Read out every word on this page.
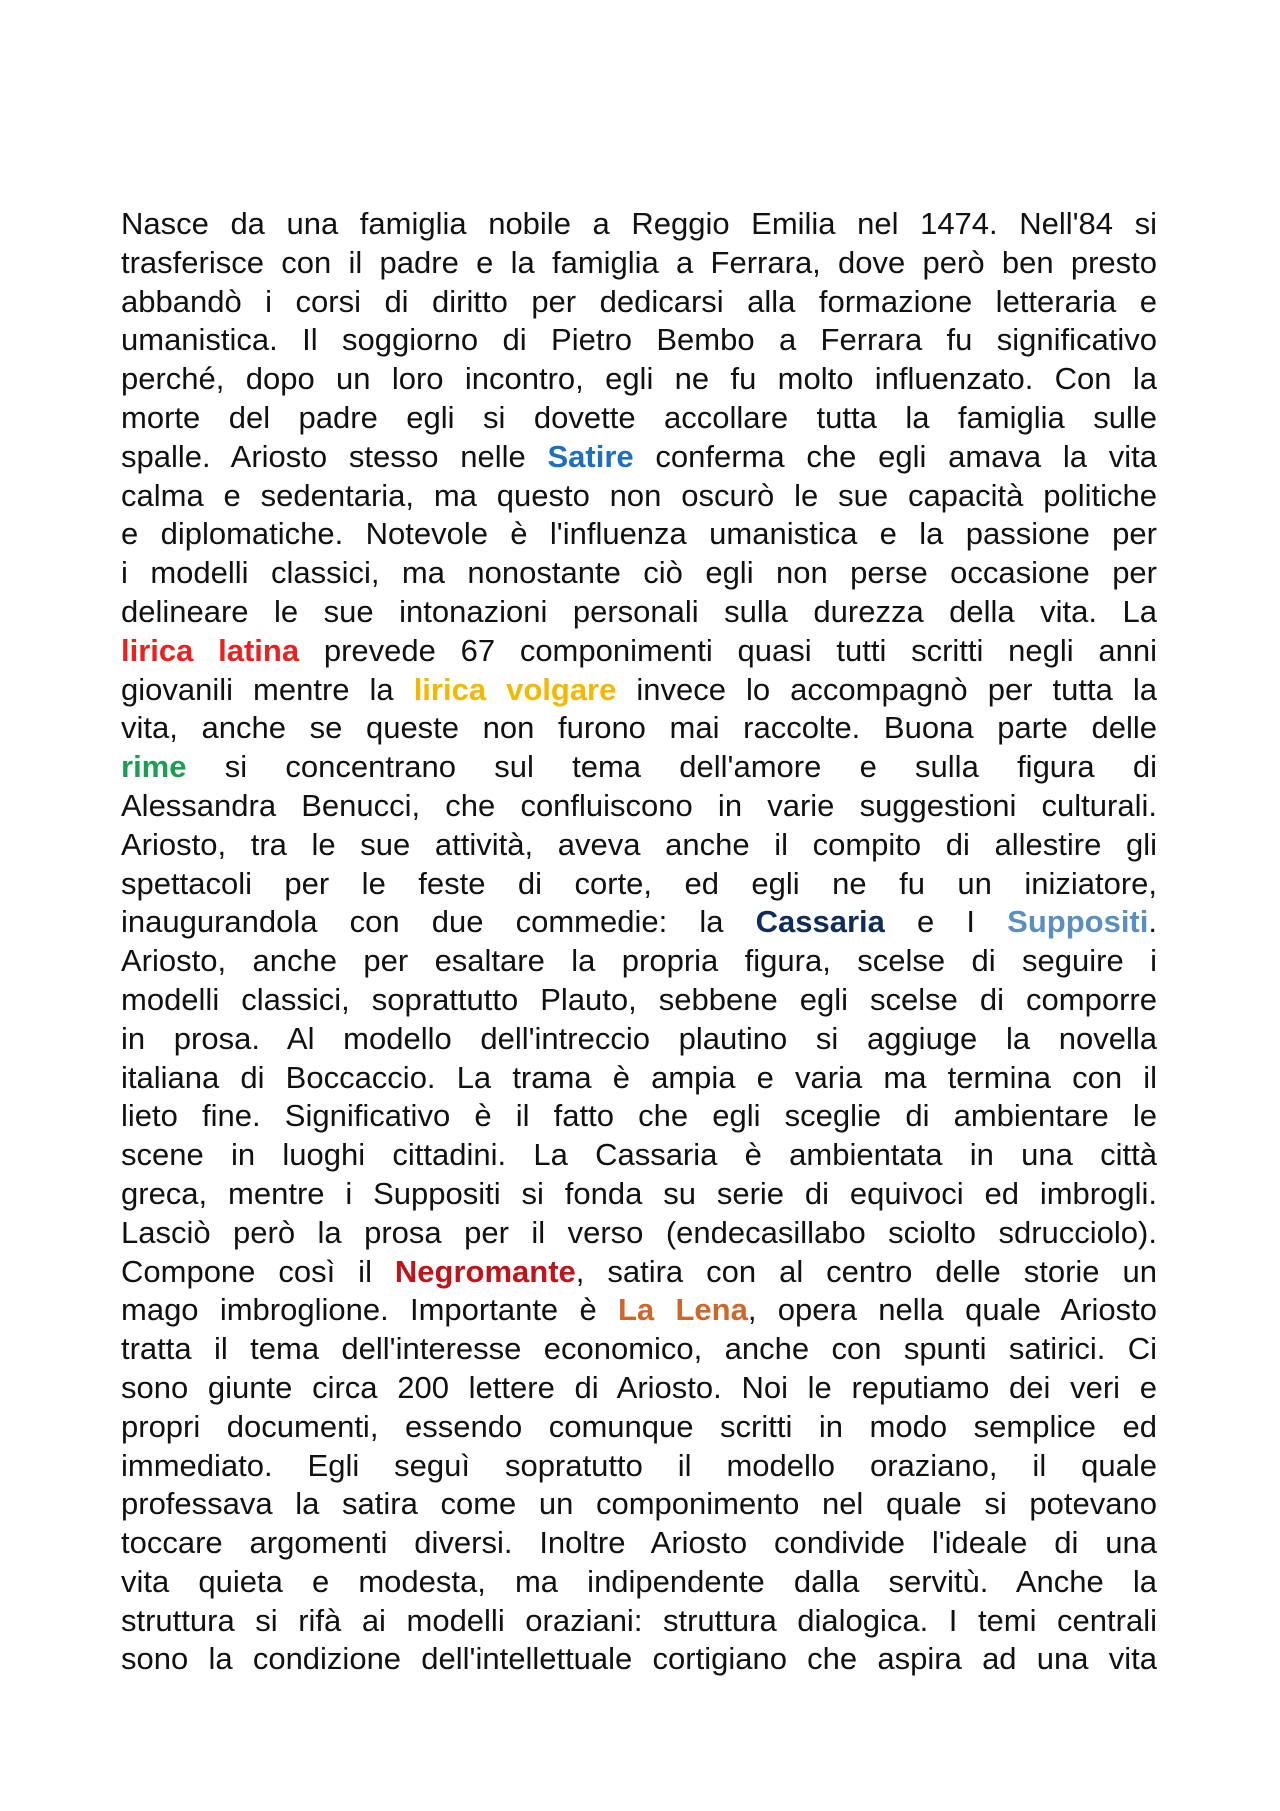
Nasce da una famiglia nobile a Reggio Emilia nel 1474. Nell'84 si
trasferisce con il padre e la famiglia a Ferrara, dove però ben presto
abbandò i corsi di diritto per dedicarsi alla formazione letteraria e
umanistica. Il soggiorno di Pietro Bembo a Ferrara fu significativo
perché, dopo un loro incontro, egli ne fu molto influenzato. Con la
morte del padre egli si dovette accollare tutta la famiglia sulle
spalle. Ariosto stesso nelle Satire conferma che egli amava la vita
calma e sedentaria, ma questo non oscurò le sue capacità politiche
e diplomatiche. Notevole è l'influenza umanistica e la passione per
i modelli classici, ma nonostante ciò egli non perse occasione per
delineare le sue intonazioni personali sulla durezza della vita. La
lirica latina prevede 67 componimenti quasi tutti scritti negli anni
giovanili mentre la lirica volgare invece lo accompagnò per tutta la
vita, anche se queste non furono mai raccolte. Buona parte delle
rime si concentrano sul tema dell'amore e sulla figura di
Alessandra Benucci, che confluiscono in varie suggestioni culturali.
Ariosto, tra le sue attività, aveva anche il compito di allestire gli
spettacoli per le feste di corte, ed egli ne fu un iniziatore,
inaugurandola con due commedie: la Cassaria e I Suppositi.
Ariosto, anche per esaltare la propria figura, scelse di seguire i
modelli classici, soprattutto Plauto, sebbene egli scelse di comporre
in prosa. Al modello dell'intreccio plautino si aggiuge la novella
italiana di Boccaccio. La trama è ampia e varia ma termina con il
lieto fine. Significativo è il fatto che egli sceglie di ambientare le
scene in luoghi cittadini. La Cassaria è ambientata in una città
greca, mentre i Suppositi si fonda su serie di equivoci ed imbrogli.
Lasciò però la prosa per il verso (endecasillabo sciolto sdrucciolo).
Compone così il Negromante, satira con al centro delle storie un
mago imbroglione. Importante è La Lena, opera nella quale Ariosto
tratta il tema dell'interesse economico, anche con spunti satirici. Ci
sono giunte circa 200 lettere di Ariosto. Noi le reputiamo dei veri e
propri documenti, essendo comunque scritti in modo semplice ed
immediato. Egli seguì sopratutto il modello oraziano, il quale
professava la satira come un componimento nel quale si potevano
toccare argomenti diversi. Inoltre Ariosto condivide l'ideale di una
vita quieta e modesta, ma indipendente dalla servitù. Anche la
struttura si rifà ai modelli oraziani: struttura dialogica. I temi centrali
sono la condizione dell'intellettuale cortigiano che aspira ad una vita
